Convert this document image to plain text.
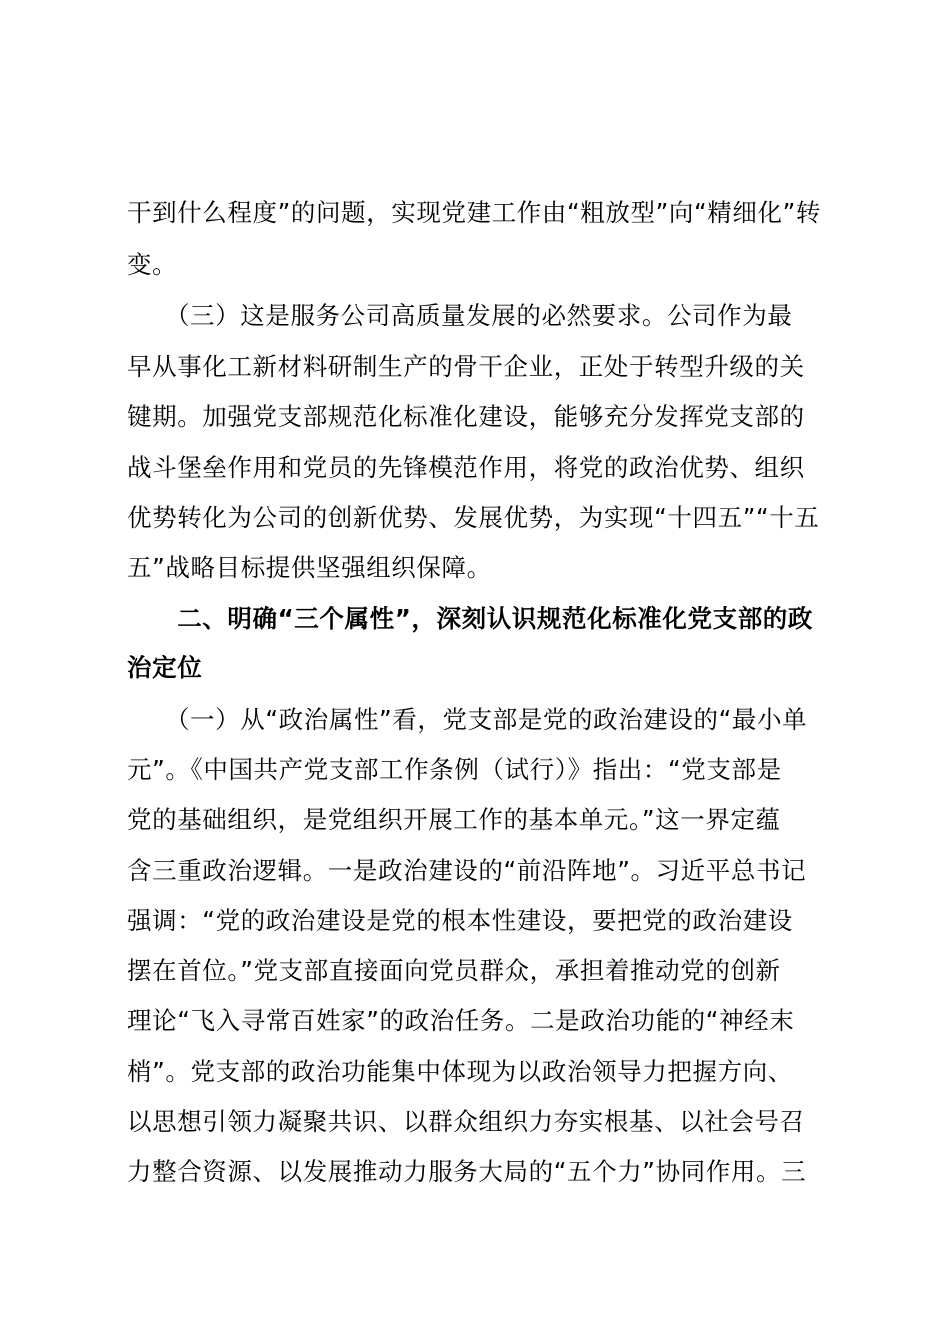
干到什么程度”的问题，实现党建工作由“粗放型”向“精细化”转
变。
　　（三）这是服务公司高质量发展的必然要求。公司作为最
早从事化工新材料研制生产的骨干企业，正处于转型升级的关
键期。加强党支部规范化标准化建设，能够充分发挥党支部的
战斗堡垒作用和党员的先锋模范作用，将党的政治优势、组织
优势转化为公司的创新优势、发展优势，为实现“十四五”“十五
五”战略目标提供坚强组织保障。
　　二、明确“三个属性”，深刻认识规范化标准化党支部的政
治定位
　　（一）从“政治属性”看，党支部是党的政治建设的“最小单
元”。《中国共产党支部工作条例（试行）》指出：“党支部是
党的基础组织，是党组织开展工作的基本单元。”这一界定蕴
含三重政治逻辑。一是政治建设的“前沿阵地”。习近平总书记
强调：“党的政治建设是党的根本性建设，要把党的政治建设
摆在首位。”党支部直接面向党员群众，承担着推动党的创新
理论“飞入寻常百姓家”的政治任务。二是政治功能的“神经末
梢”。党支部的政治功能集中体现为以政治领导力把握方向、
以思想引领力凝聚共识、以群众组织力夯实根基、以社会号召
力整合资源、以发展推动力服务大局的“五个力”协同作用。三
